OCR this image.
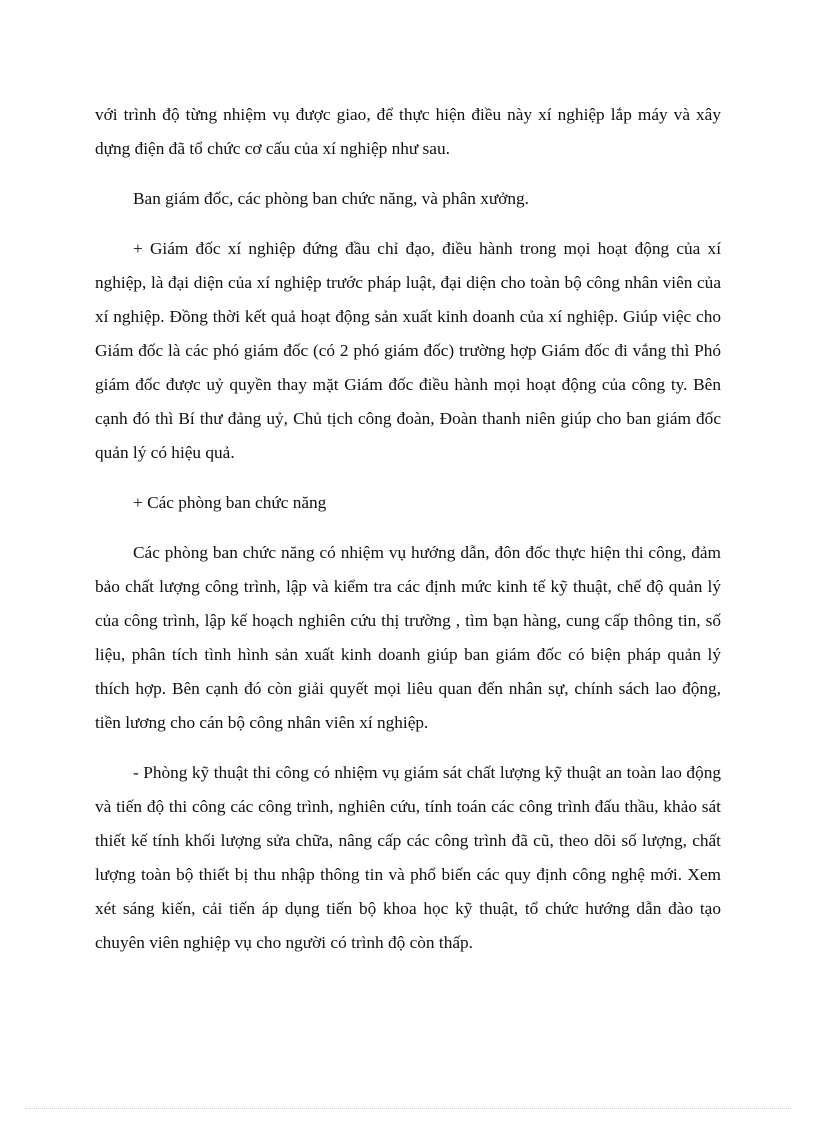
với trình độ từng nhiệm vụ được giao, để thực hiện điều này xí nghiệp lắp máy và xây dựng điện đã tổ chức cơ cấu của xí nghiệp như sau.

Ban giám đốc, các phòng ban chức năng, và phân xưởng.

+ Giám đốc xí nghiệp đứng đầu chỉ đạo, điều hành trong mọi hoạt động của xí nghiệp, là đại diện của xí nghiệp trước pháp luật, đại diện cho toàn bộ công nhân viên của xí nghiệp. Đồng thời kết quả hoạt động sản xuất kinh doanh của xí nghiệp. Giúp việc cho Giám đốc là các phó giám đốc (có 2 phó giám đốc) trường hợp Giám đốc đi vắng thì Phó giám đốc được uỷ quyền thay mặt Giám đốc điều hành mọi hoạt động của công ty. Bên cạnh đó thì Bí thư đảng uỷ, Chủ tịch công đoàn, Đoàn thanh niên giúp cho ban giám đốc quản lý có hiệu quả.

+ Các phòng ban chức năng

Các phòng ban chức năng có nhiệm vụ hướng dẫn, đôn đốc thực hiện thi công, đảm bảo chất lượng công trình, lập và kiểm tra các định mức kinh tế kỹ thuật, chế độ quản lý của công trình, lập kế hoạch nghiên cứu thị trường , tìm bạn hàng, cung cấp thông tin, số liệu, phân tích tình hình sản xuất kinh doanh giúp ban giám đốc có biện pháp quản lý thích hợp. Bên cạnh đó còn giải quyết mọi liêu quan đến nhân sự, chính sách lao động, tiền lương cho cán bộ công nhân viên xí nghiệp.

- Phòng kỹ thuật thi công có nhiệm vụ giám sát chất lượng kỹ thuật an toàn lao động và tiến độ thi công các công trình, nghiên cứu, tính toán các công trình đấu thầu, khảo sát thiết kế tính khối lượng sửa chữa, nâng cấp các công trình đã cũ, theo dõi số lượng, chất lượng toàn bộ thiết bị thu nhập thông tin và phổ biến các quy định công nghệ mới. Xem xét sáng kiến, cải tiến áp dụng tiến bộ khoa học kỹ thuật, tổ chức hướng dẫn đào tạo chuyên viên nghiệp vụ cho người có trình độ còn thấp.
